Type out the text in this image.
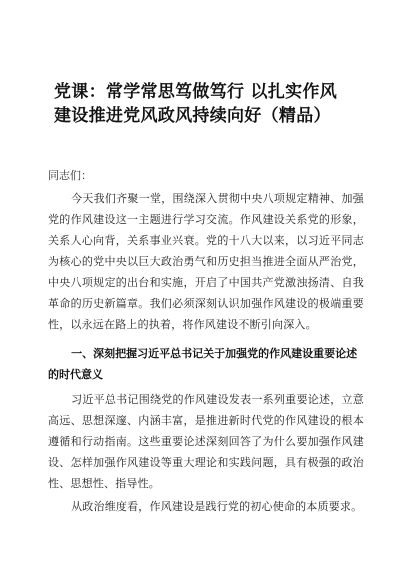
党课：常学常思笃做笃行 以扎实作风
建设推进党风政风持续向好（精品）

同志们：

今天我们齐聚一堂，围绕深入贯彻中央八项规定精神、加强党的作风建设这一主题进行学习交流。作风建设关系党的形象，关系人心向背，关系事业兴衰。党的十八大以来，以习近平同志为核心的党中央以巨大政治勇气和历史担当推进全面从严治党，中央八项规定的出台和实施，开启了中国共产党激浊扬清、自我革命的历史新篇章。我们必须深刻认识加强作风建设的极端重要性，以永远在路上的执着，将作风建设不断引向深入。

一、深刻把握习近平总书记关于加强党的作风建设重要论述的时代意义

习近平总书记围绕党的作风建设发表一系列重要论述，立意高远、思想深邃、内涵丰富，是推进新时代党的作风建设的根本遵循和行动指南。这些重要论述深刻回答了为什么要加强作风建设、怎样加强作风建设等重大理论和实践问题，具有极强的政治性、思想性、指导性。

从政治维度看，作风建设是践行党的初心使命的本质要求。
